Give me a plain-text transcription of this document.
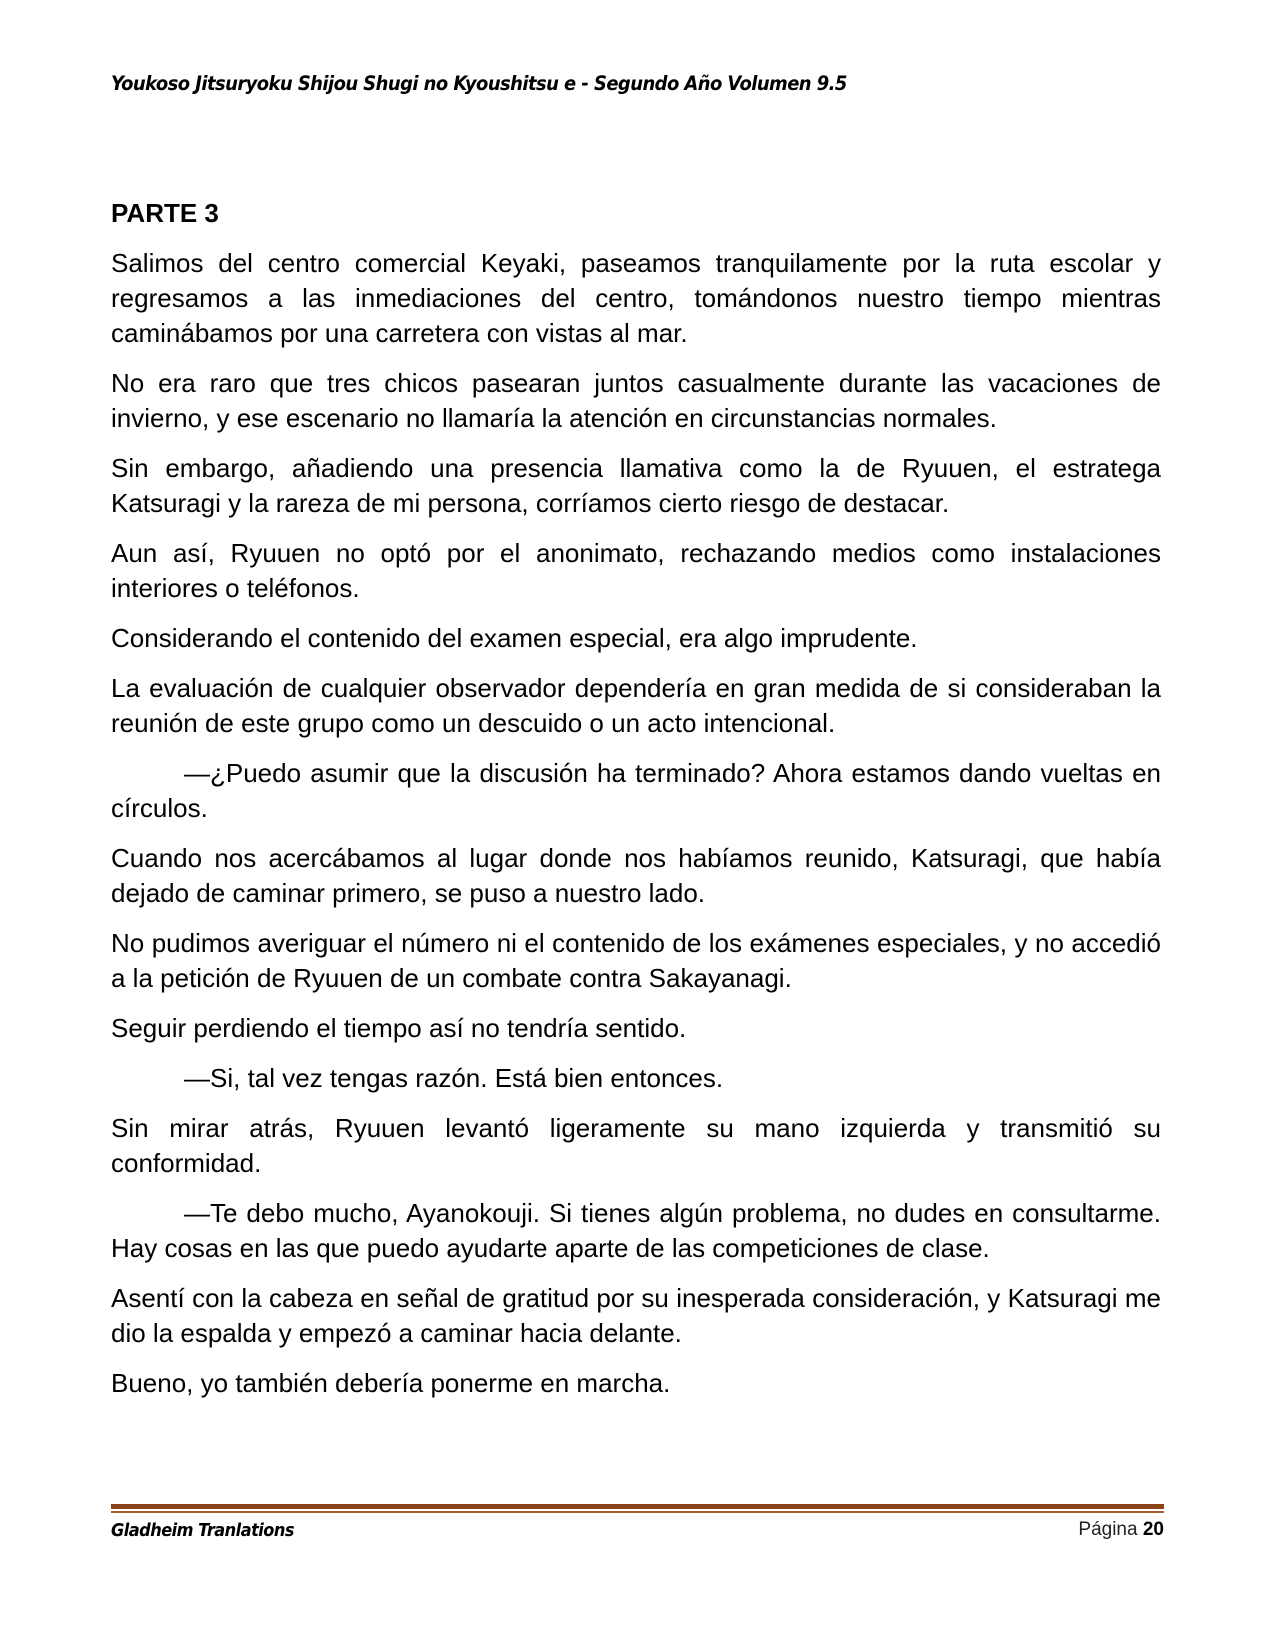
Youkoso Jitsuryoku Shijou Shugi no Kyoushitsu e - Segundo Año Volumen 9.5
PARTE 3

Salimos del centro comercial Keyaki, paseamos tranquilamente por la ruta escolar y regresamos a las inmediaciones del centro, tomándonos nuestro tiempo mientras caminábamos por una carretera con vistas al mar.

No era raro que tres chicos pasearan juntos casualmente durante las vacaciones de invierno, y ese escenario no llamaría la atención en circunstancias normales.

Sin embargo, añadiendo una presencia llamativa como la de Ryuuen, el estratega Katsuragi y la rareza de mi persona, corríamos cierto riesgo de destacar.

Aun así, Ryuuen no optó por el anonimato, rechazando medios como instalaciones interiores o teléfonos.

Considerando el contenido del examen especial, era algo imprudente.

La evaluación de cualquier observador dependería en gran medida de si consideraban la reunión de este grupo como un descuido o un acto intencional.

—¿Puedo asumir que la discusión ha terminado? Ahora estamos dando vueltas en círculos.

Cuando nos acercábamos al lugar donde nos habíamos reunido, Katsuragi, que había dejado de caminar primero, se puso a nuestro lado.

No pudimos averiguar el número ni el contenido de los exámenes especiales, y no accedió a la petición de Ryuuen de un combate contra Sakayanagi.

Seguir perdiendo el tiempo así no tendría sentido.

—Si, tal vez tengas razón. Está bien entonces.

Sin mirar atrás, Ryuuen levantó ligeramente su mano izquierda y transmitió su conformidad.

—Te debo mucho, Ayanokouji. Si tienes algún problema, no dudes en consultarme. Hay cosas en las que puedo ayudarte aparte de las competiciones de clase.

Asentí con la cabeza en señal de gratitud por su inesperada consideración, y Katsuragi me dio la espalda y empezó a caminar hacia delante.

Bueno, yo también debería ponerme en marcha.

Gladheim Tranlations	Página 20
